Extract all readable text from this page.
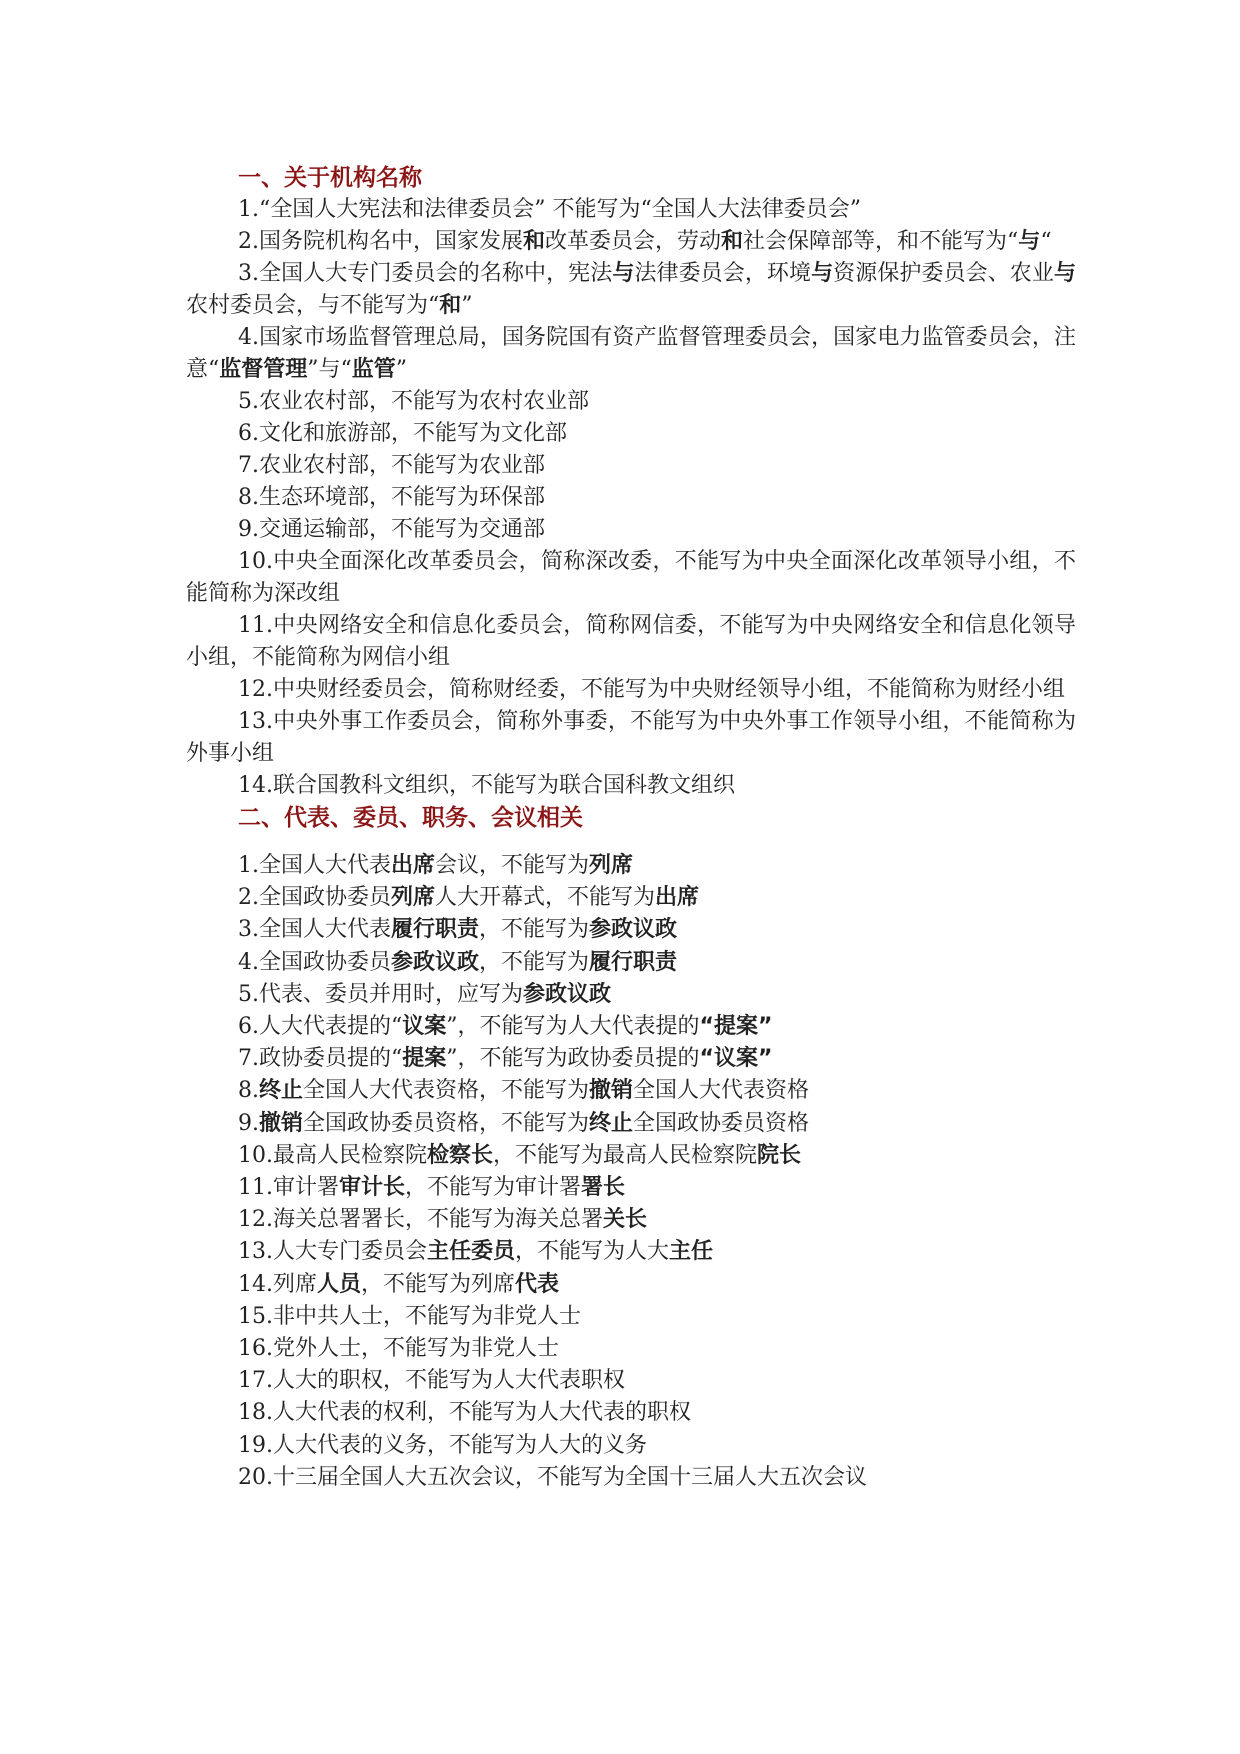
一、关于机构名称
1.“全国人大宪法和法律委员会” 不能写为“全国人大法律委员会”
2.国务院机构名中，国家发展和改革委员会，劳动和社会保障部等，和不能写为“与“
3.全国人大专门委员会的名称中，宪法与法律委员会，环境与资源保护委员会、农业与农村委员会，与不能写为“和”
4.国家市场监督管理总局，国务院国有资产监督管理委员会，国家电力监管委员会，注意“监督管理”与“监管”
5.农业农村部，不能写为农村农业部
6.文化和旅游部，不能写为文化部
7.农业农村部，不能写为农业部
8.生态环境部，不能写为环保部
9.交通运输部，不能写为交通部
10.中央全面深化改革委员会，简称深改委，不能写为中央全面深化改革领导小组，不能简称为深改组
11.中央网络安全和信息化委员会，简称网信委，不能写为中央网络安全和信息化领导小组，不能简称为网信小组
12.中央财经委员会，简称财经委，不能写为中央财经领导小组，不能简称为财经小组
13.中央外事工作委员会，简称外事委，不能写为中央外事工作领导小组，不能简称为外事小组
14.联合国教科文组织，不能写为联合国科教文组织
二、代表、委员、职务、会议相关
1.全国人大代表出席会议，不能写为列席
2.全国政协委员列席人大开幕式，不能写为出席
3.全国人大代表履行职责，不能写为参政议政
4.全国政协委员参政议政，不能写为履行职责
5.代表、委员并用时，应写为参政议政
6.人大代表提的“议案”，不能写为人大代表提的“提案”
7.政协委员提的“提案”，不能写为政协委员提的“议案”
8.终止全国人大代表资格，不能写为撤销全国人大代表资格
9.撤销全国政协委员资格，不能写为终止全国政协委员资格
10.最高人民检察院检察长，不能写为最高人民检察院院长
11.审计署审计长，不能写为审计署署长
12.海关总署署长，不能写为海关总署关长
13.人大专门委员会主任委员，不能写为人大主任
14.列席人员，不能写为列席代表
15.非中共人士，不能写为非党人士
16.党外人士，不能写为非党人士
17.人大的职权，不能写为人大代表职权
18.人大代表的权利，不能写为人大代表的职权
19.人大代表的义务，不能写为人大的义务
20.十三届全国人大五次会议，不能写为全国十三届人大五次会议
